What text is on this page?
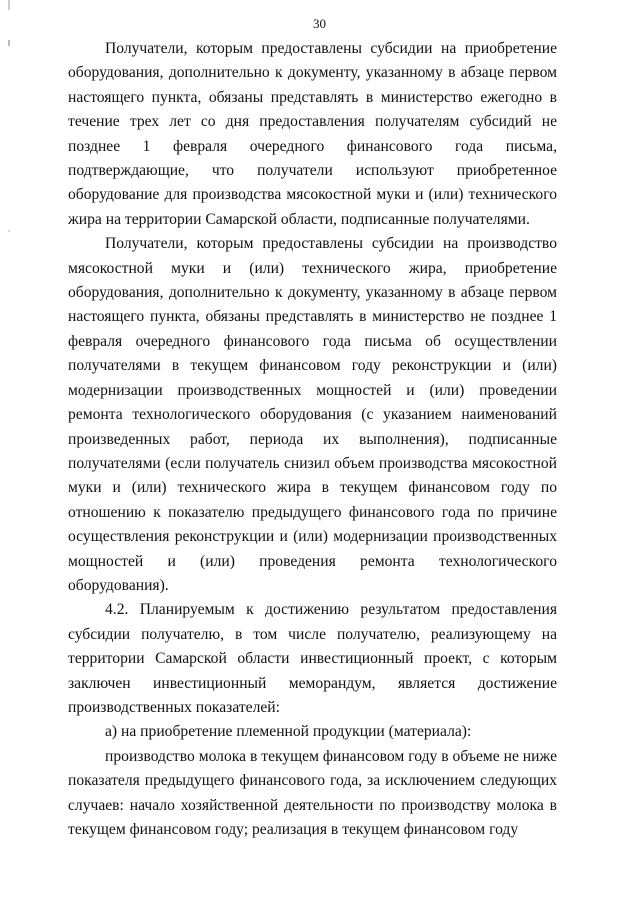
30

Получатели, которым предоставлены субсидии на приобретение оборудования, дополнительно к документу, указанному в абзаце первом настоящего пункта, обязаны представлять в министерство ежегодно в течение трех лет со дня предоставления получателям субсидий не позднее 1 февраля очередного финансового года письма, подтверждающие, что получатели используют приобретенное оборудование для производства мясокостной муки и (или) технического жира на территории Самарской области, подписанные получателями.

Получатели, которым предоставлены субсидии на производство мясокостной муки и (или) технического жира, приобретение оборудования, дополнительно к документу, указанному в абзаце первом настоящего пункта, обязаны представлять в министерство не позднее 1 февраля очередного финансового года письма об осуществлении получателями в текущем финансовом году реконструкции и (или) модернизации производственных мощностей и (или) проведении ремонта технологического оборудования (с указанием наименований произведенных работ, периода их выполнения), подписанные получателями (если получатель снизил объем производства мясокостной муки и (или) технического жира в текущем финансовом году по отношению к показателю предыдущего финансового года по причине осуществления реконструкции и (или) модернизации производственных мощностей и (или) проведения ремонта технологического оборудования).

4.2. Планируемым к достижению результатом предоставления субсидии получателю, в том числе получателю, реализующему на территории Самарской области инвестиционный проект, с которым заключен инвестиционный меморандум, является достижение производственных показателей:

а) на приобретение племенной продукции (материала):

производство молока в текущем финансовом году в объеме не ниже показателя предыдущего финансового года, за исключением следующих случаев: начало хозяйственной деятельности по производству молока в текущем финансовом году; реализация в текущем финансовом году
